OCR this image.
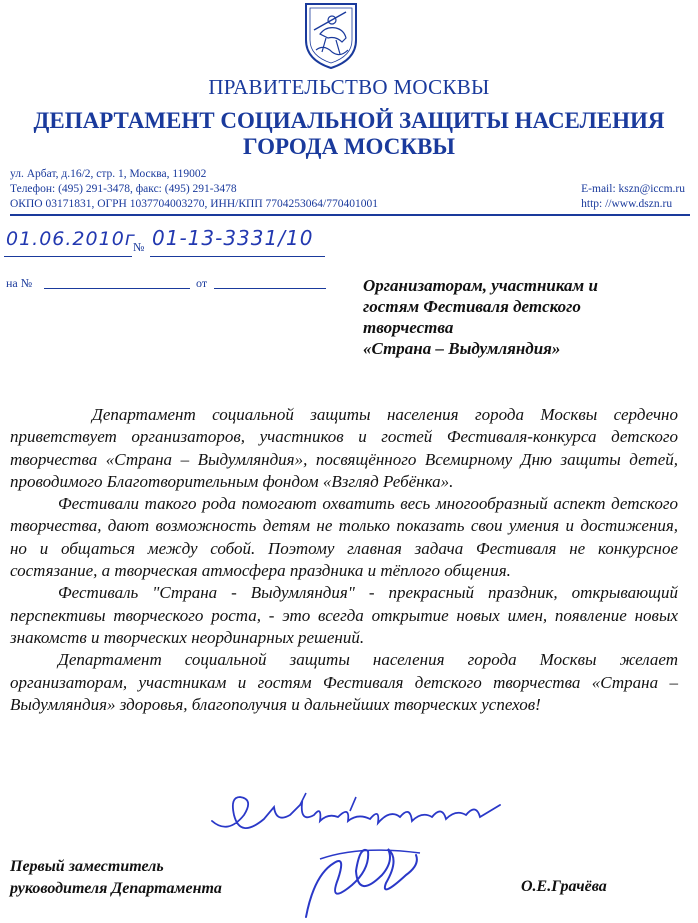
ПРАВИТЕЛЬСТВО МОСКВЫ
ДЕПАРТАМЕНТ СОЦИАЛЬНОЙ ЗАЩИТЫ НАСЕЛЕНИЯ
ГОРОДА МОСКВЫ
ул. Арбат, д.16/2, стр. 1, Москва, 119002
Телефон: (495) 291-3478, факс: (495) 291-3478
ОКПО 03171831, ОГРН 1037704003270, ИНН/КПП 7704253064/770401001
E-mail: kszn@iccm.ru
http: //www.dszn.ru
01.06.2010г
№ 01-13-3331/10
на №	от	Организаторам, участникам и
гостям Фестиваля детского
творчества
«Страна – Выдумляндия»

Департамент социальной защиты населения города Москвы сердечно приветствует организаторов, участников и гостей Фестиваля-конкурса детского творчества «Страна – Выдумляндия», посвящённого Всемирному Дню защиты детей, проводимого Благотворительным фондом «Взгляд Ребёнка».

Фестивали такого рода помогают охватить весь многообразный аспект детского творчества, дают возможность детям не только показать свои умения и достижения, но и общаться между собой. Поэтому главная задача Фестиваля не конкурсное состязание, а творческая атмосфера праздника и тёплого общения.

Фестиваль "Страна - Выдумляндия" - прекрасный праздник, открывающий перспективы творческого роста, - это всегда открытие новых имен, появление новых знакомств и творческих неординарных решений.

Департамент социальной защиты населения города Москвы желает организаторам, участникам и гостям Фестиваля детского творчества «Страна – Выдумляндия» здоровья, благополучия и дальнейших творческих успехов!

Первый заместитель
руководителя Департамента	О.Е.Грачёва
